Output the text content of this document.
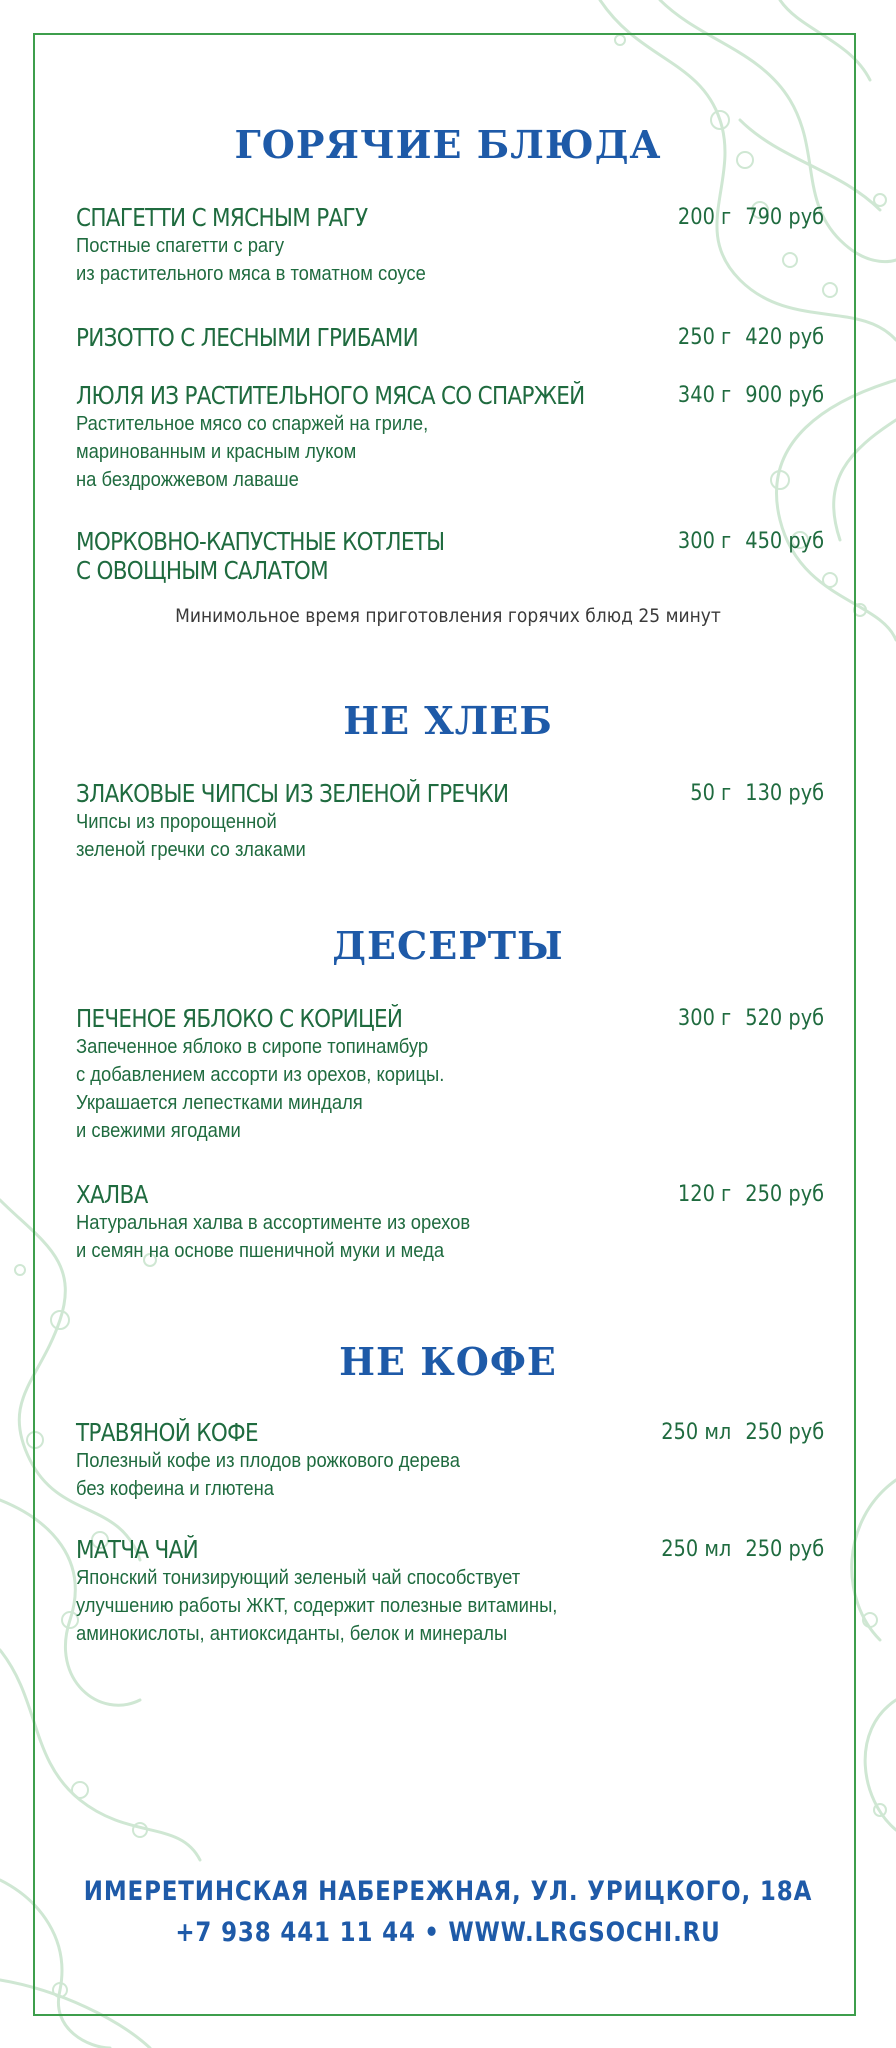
ГОРЯЧИЕ БЛЮДА
СПАГЕТТИ С МЯСНЫМ РАГУ
Постные спагетти с рагу
из растительного мяса в томатном соусе
200 г 790 руб
РИЗОТТО С ЛЕСНЫМИ ГРИБАМИ	250 г 420 руб
ЛЮЛЯ ИЗ РАСТИТЕЛЬНОГО МЯСА СО СПАРЖЕЙ
Растительное мясо со спаржей на гриле,
маринованным и красным луком
на бездрожжевом лаваше
340 г 900 руб
МОРКОВНО-КАПУСТНЫЕ КОТЛЕТЫ
С ОВОЩНЫМ САЛАТОМ
300 г 450 руб
Минимольное время приготовления горячих блюд 25 минут
НЕ ХЛЕБ
ЗЛАКОВЫЕ ЧИПСЫ ИЗ ЗЕЛЕНОЙ ГРЕЧКИ
Чипсы из пророщенной
зеленой гречки со злаками
50 г 130 руб
ДЕСЕРТЫ
ПЕЧЕНОЕ ЯБЛОКО С КОРИЦЕЙ
Запеченное яблоко в сиропе топинамбур
с добавлением ассорти из орехов, корицы.
Украшается лепестками миндаля
и свежими ягодами
300 г 520 руб
ХАЛВА
Натуральная халва в ассортименте из орехов
и семян на основе пшеничной муки и меда
120 г 250 руб
НЕ КОФЕ
ТРАВЯНОЙ КОФЕ
Полезный кофе из плодов рожкового дерева
без кофеина и глютена
250 мл 250 руб
МАТЧА ЧАЙ
Японский тонизирующий зеленый чай способствует
улучшению работы ЖКТ, содержит полезные витамины,
аминокислоты, антиоксиданты, белок и минералы
250 мл 250 руб
ИМЕРЕТИНСКАЯ НАБЕРЕЖНАЯ, УЛ. УРИЦКОГО, 18А
+7 938 441 11 44 • WWW.LRGSOCHI.RU
